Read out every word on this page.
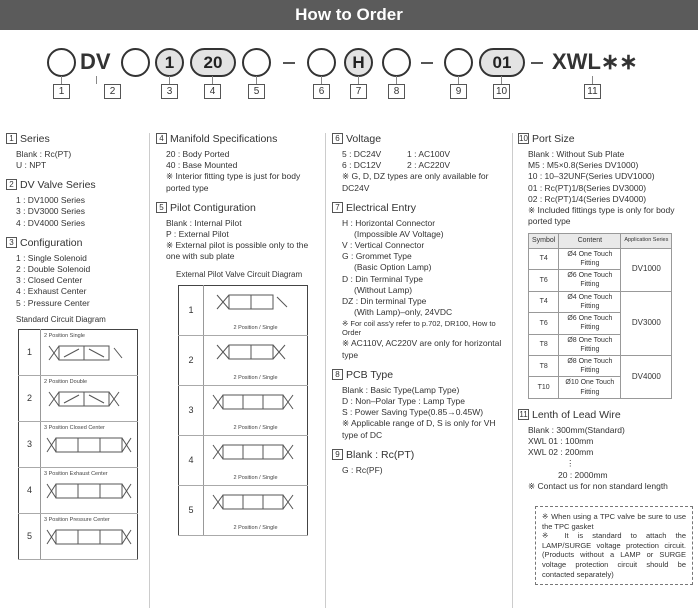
How to Order
DV	1	20	H	01	XWL∗∗
1	2	3	4	5	6	7	8	9	10	11
1 Series
Blank : Rc(PT)
U : NPT
2 DV Valve Series
1 : DV1000 Series
3 : DV3000 Series
4 : DV4000 Series
3 Configuration
1 : Single Solenoid
2 : Double Solenoid
3 : Closed Center
4 : Exhaust Center
5 : Pressure Center
Standard Circuit Diagram
1	2 Position Single

2	2 Position Double

3	3 Position Closed Center

4	3 Position Exhaust Center

5	3 Position Pressure Center
4 Manifold Specifications
20 : Body Ported
40 : Base Mounted
※ Interior fitting type is just for body ported type
5 Pilot Contiguration
Blank : Internal Pilot
P : External Pilot
※ External pilot is possible only to the one with sub plate
External Pilot Valve Circuit Diagram
1	2 Position / Single

2	2 Position / Single

3	2 Position / Single

4	2 Position / Single

5	2 Position / Single
6 Voltage
5 : DC24V	1 : AC100V
6 : DC12V	2 : AC220V
※ G, D, DZ types are only available for DC24V
7 Electrical Entry
H : Horizontal Connector
(Impossible AV Voltage)
V : Vertical Connector
G : Grommet Type
(Basic Option Lamp)
D : Din Terminal Type
(Without Lamp)
DZ : Din terminal Type
(With Lamp)–only, 24VDC
※ For coil ass'y refer to p.702, DR100, How to Order
※ AC110V, AC220V are only for horizontal type
8 PCB Type
Blank : Basic Type(Lamp Type)
D : Non–Polar Type : Lamp Type
S : Power Saving Type(0.85→0.45W)
※ Applicable range of D, S is only for VH type of DC
9 Blank : Rc(PT)
G : Rc(PF)
10 Port Size
Blank : Without Sub Plate
M5 : M5×0.8(Series DV1000)
10 : 10–32UNF(Series UDV1000)
01 : Rc(PT)1/8(Series DV3000)
02 : Rc(PT)1/4(Series DV4000)
※ Included fittings type is only for body ported type
Symbol	Content	Application Series
T4	Ø4 One Touch Fitting	DV1000
T6	Ø6 One Touch Fitting	
T4	Ø4 One Touch Fitting	DV3000
T6	Ø6 One Touch Fitting	
T8	Ø8 One Touch Fitting	
T8	Ø8 One Touch Fitting	DV4000
T10	Ø10 One Touch Fitting	
11 Lenth of Lead Wire
Blank : 300mm(Standard)
XWL 01 : 100mm
XWL 02 : 200mm
⋮
20 : 2000mm
※ Contact us for non standard length
※ When using a TPC valve be sure to use the TPC gasket
※ It is standard to attach the LAMP/SURGE voltage protection circuit. (Products without a LAMP or SURGE voltage protection circuit should be contacted separately)
